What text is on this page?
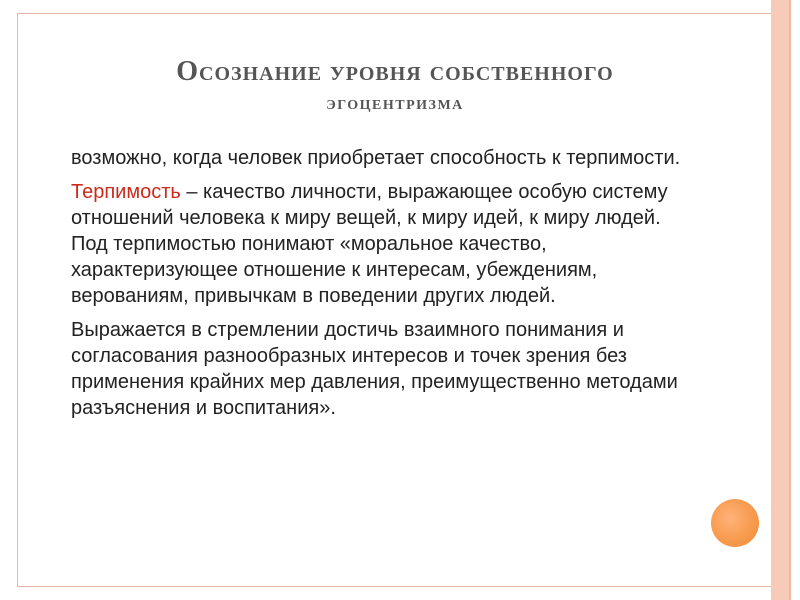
Осознание уровня собственного
эгоцентризма

возможно, когда человек приобретает способность к терпимости.

Терпимость – качество личности, выражающее особую систему отношений человека к миру вещей, к миру идей, к миру людей. Под терпимостью понимают «моральное качество, характеризующее отношение к интересам, убеждениям, верованиям, привычкам в поведении других людей.

Выражается в стремлении достичь взаимного понимания и согласования разнообразных интересов и точек зрения без применения крайних мер давления, преимущественно методами разъяснения и воспитания».
